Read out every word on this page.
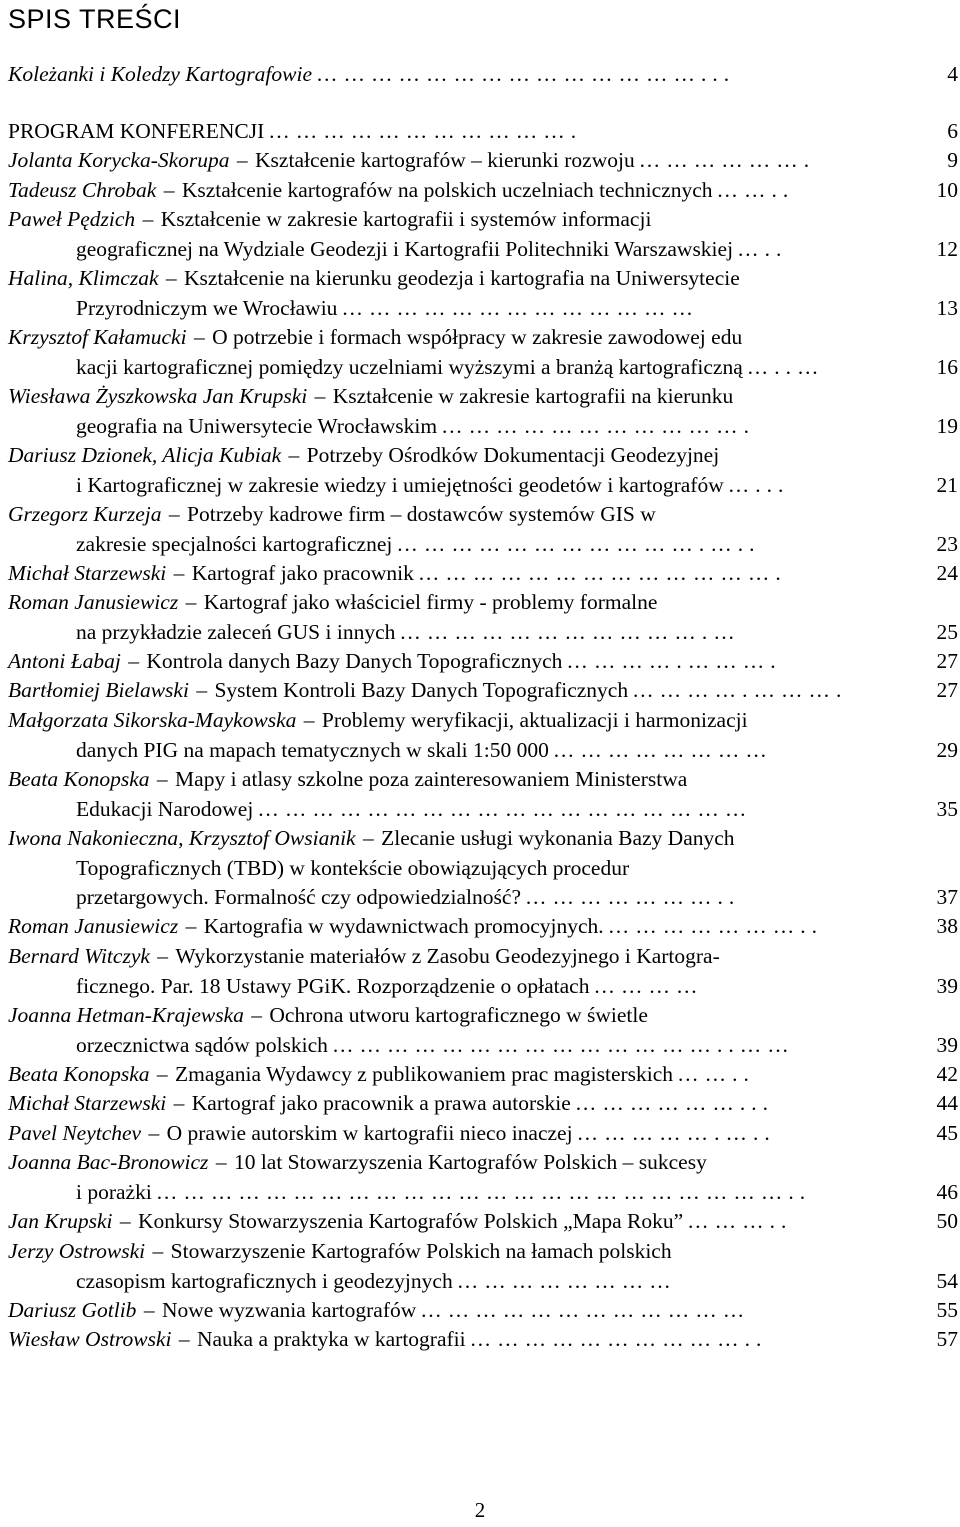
SPIS TREŚCI
Koleżanki i Koledzy Kartografowie ……………………………………...	4
PROGRAM KONFERENCJI …………………………….	6
Jolanta Korycka-Skorupa – Kształcenie kartografów – kierunki rozwoju ……………….	9
Tadeusz Chrobak – Kształcenie kartografów na polskich uczelniach technicznych ……..	10
Paweł Pędzich – Kształcenie w zakresie kartografii i systemów informacji
geograficznej na Wydziale Geodezji i Kartografii Politechniki Warszawskiej …..	12
Halina, Klimczak – Kształcenie na kierunku geodezja i kartografia na Uniwersytecie
Przyrodniczym we Wrocławiu …………………………………	13
Krzysztof Kałamucki – O potrzebie i formach współpracy w zakresie zawodowej edu
kacji kartograficznej pomiędzy uczelniami wyższymi a branżą kartograficzną …..…	16
Wiesława Żyszkowska Jan Krupski – Kształcenie w zakresie kartografii na kierunku
geografia na Uniwersytecie Wrocławskim …………………………….	19
Dariusz Dzionek, Alicja Kubiak – Potrzeby Ośrodków Dokumentacji Geodezyjnej
i Kartograficznej w zakresie wiedzy i umiejętności geodetów i kartografów …...	21
Grzegorz Kurzeja – Potrzeby kadrowe firm – dostawców systemów GIS w
zakresie specjalności kartograficznej …………………………….…..	23
Michał Starzewski – Kartograf jako pracownik ………………………………….	24
Roman Janusiewicz – Kartograf jako właściciel firmy - problemy formalne
na przykładzie zaleceń GUS i innych …………………………….…	25
Antoni Łabaj – Kontrola danych Bazy Danych Topograficznych ………….……….	27
Bartłomiej Bielawski – System Kontroli Bazy Danych Topograficznych ………….……….	27
Małgorzata Sikorska-Maykowska – Problemy weryfikacji, aktualizacji i harmonizacji
danych PIG na mapach tematycznych w skali 1:50 000 ……………………	29
Beata Konopska – Mapy i atlasy szkolne poza zainteresowaniem Ministerstwa
Edukacji Narodowej ………………………………………………	35
Iwona Nakonieczna, Krzysztof Owsianik – Zlecanie usługi wykonania Bazy Danych
Topograficznych (TBD) w kontekście obowiązujących procedur
przetargowych. Formalność czy odpowiedzialność? …………………..	37
Roman Janusiewicz – Kartografia w wydawnictwach promocyjnych. …………………..	38
Bernard Witczyk – Wykorzystanie materiałów z Zasobu Geodezyjnego i Kartogra-
ficznego. Par. 18 Ustawy PGiK. Rozporządzenie o opłatach …………	39
Joanna Hetman-Krajewska – Ochrona utworu kartograficznego w świetle
orzecznictwa sądów polskich ……………………………………..……	39
Beata Konopska – Zmagania Wydawcy z publikowaniem prac magisterskich ……..	42
Michał Starzewski – Kartograf jako pracownik a prawa autorskie ………………...	44
Pavel Neytchev – O prawie autorskim w kartografii nieco inaczej …………….…..	45
Joanna Bac-Bronowicz – 10 lat Stowarzyszenia Kartografów Polskich – sukcesy
i porażki ……………………………………………………………..	46
Jan Krupski – Konkursy Stowarzyszenia Kartografów Polskich „Mapa Roku” ………..	50
Jerzy Ostrowski – Stowarzyszenie Kartografów Polskich na łamach polskich
czasopism kartograficznych i geodezyjnych ……………………	54
Dariusz Gotlib – Nowe wyzwania kartografów ………………………………	55
Wiesław Ostrowski – Nauka a praktyka w kartografii …………………………..	57
2
